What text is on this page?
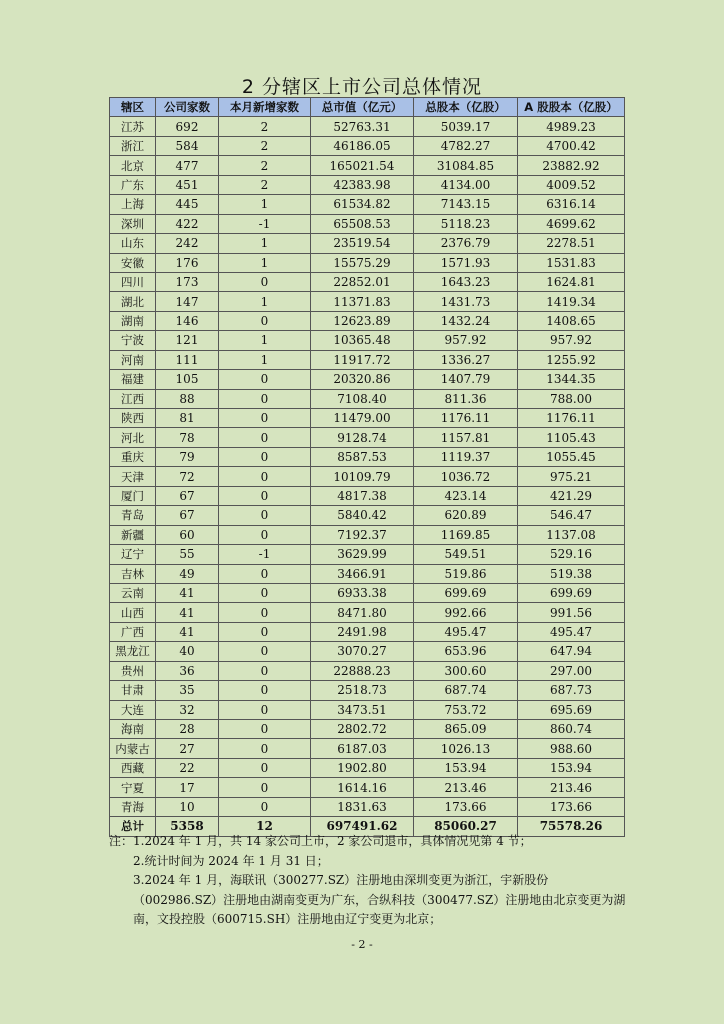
2 分辖区上市公司总体情况
辖区	公司家数	本月新增家数	总市值（亿元）	总股本（亿股）	A 股股本（亿股）
江苏	692	2	52763.31	5039.17	4989.23
浙江	584	2	46186.05	4782.27	4700.42
北京	477	2	165021.54	31084.85	23882.92
广东	451	2	42383.98	4134.00	4009.52
上海	445	1	61534.82	7143.15	6316.14
深圳	422	-1	65508.53	5118.23	4699.62
山东	242	1	23519.54	2376.79	2278.51
安徽	176	1	15575.29	1571.93	1531.83
四川	173	0	22852.01	1643.23	1624.81
湖北	147	1	11371.83	1431.73	1419.34
湖南	146	0	12623.89	1432.24	1408.65
宁波	121	1	10365.48	957.92	957.92
河南	111	1	11917.72	1336.27	1255.92
福建	105	0	20320.86	1407.79	1344.35
江西	88	0	7108.40	811.36	788.00
陕西	81	0	11479.00	1176.11	1176.11
河北	78	0	9128.74	1157.81	1105.43
重庆	79	0	8587.53	1119.37	1055.45
天津	72	0	10109.79	1036.72	975.21
厦门	67	0	4817.38	423.14	421.29
青岛	67	0	5840.42	620.89	546.47
新疆	60	0	7192.37	1169.85	1137.08
辽宁	55	-1	3629.99	549.51	529.16
吉林	49	0	3466.91	519.86	519.38
云南	41	0	6933.38	699.69	699.69
山西	41	0	8471.80	992.66	991.56
广西	41	0	2491.98	495.47	495.47
黑龙江	40	0	3070.27	653.96	647.94
贵州	36	0	22888.23	300.60	297.00
甘肃	35	0	2518.73	687.74	687.73
大连	32	0	3473.51	753.72	695.69
海南	28	0	2802.72	865.09	860.74
内蒙古	27	0	6187.03	1026.13	988.60
西藏	22	0	1902.80	153.94	153.94
宁夏	17	0	1614.16	213.46	213.46
青海	10	0	1831.63	173.66	173.66
总计	5358	12	697491.62	85060.27	75578.26

注：1.2024 年 1 月，共 14 家公司上市，2 家公司退市，具体情况见第 4 节；

2.统计时间为 2024 年 1 月 31 日；

3.2024 年 1 月，海联讯（300277.SZ）注册地由深圳变更为浙江，宇新股份（002986.SZ）注册地由湖南变更为广东，合纵科技（300477.SZ）注册地由北京变更为湖南，文投控股（600715.SH）注册地由辽宁变更为北京；

- 2 -
